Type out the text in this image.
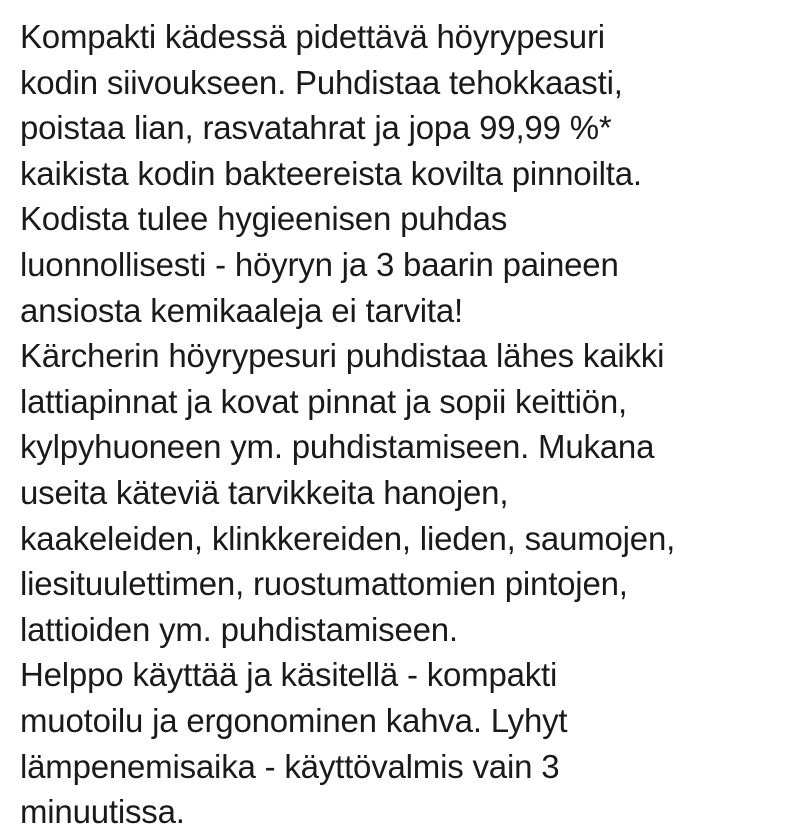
Kompakti kädessä pidettävä höyrypesuri
kodin siivoukseen. Puhdistaa tehokkaasti,
poistaa lian, rasvatahrat ja jopa 99,99 %*
kaikista kodin bakteereista kovilta pinnoilta.
Kodista tulee hygieenisen puhdas
luonnollisesti - höyryn ja 3 baarin paineen
ansiosta kemikaaleja ei tarvita!
Kärcherin höyrypesuri puhdistaa lähes kaikki
lattiapinnat ja kovat pinnat ja sopii keittiön,
kylpyhuoneen ym. puhdistamiseen. Mukana
useita käteviä tarvikkeita hanojen,
kaakeleiden, klinkkereiden, lieden, saumojen,
liesituulettimen, ruostumattomien pintojen,
lattioiden ym. puhdistamiseen.
Helppo käyttää ja käsitellä - kompakti
muotoilu ja ergonominen kahva. Lyhyt
lämpenemisaika - käyttövalmis vain 3
minuutissa.
